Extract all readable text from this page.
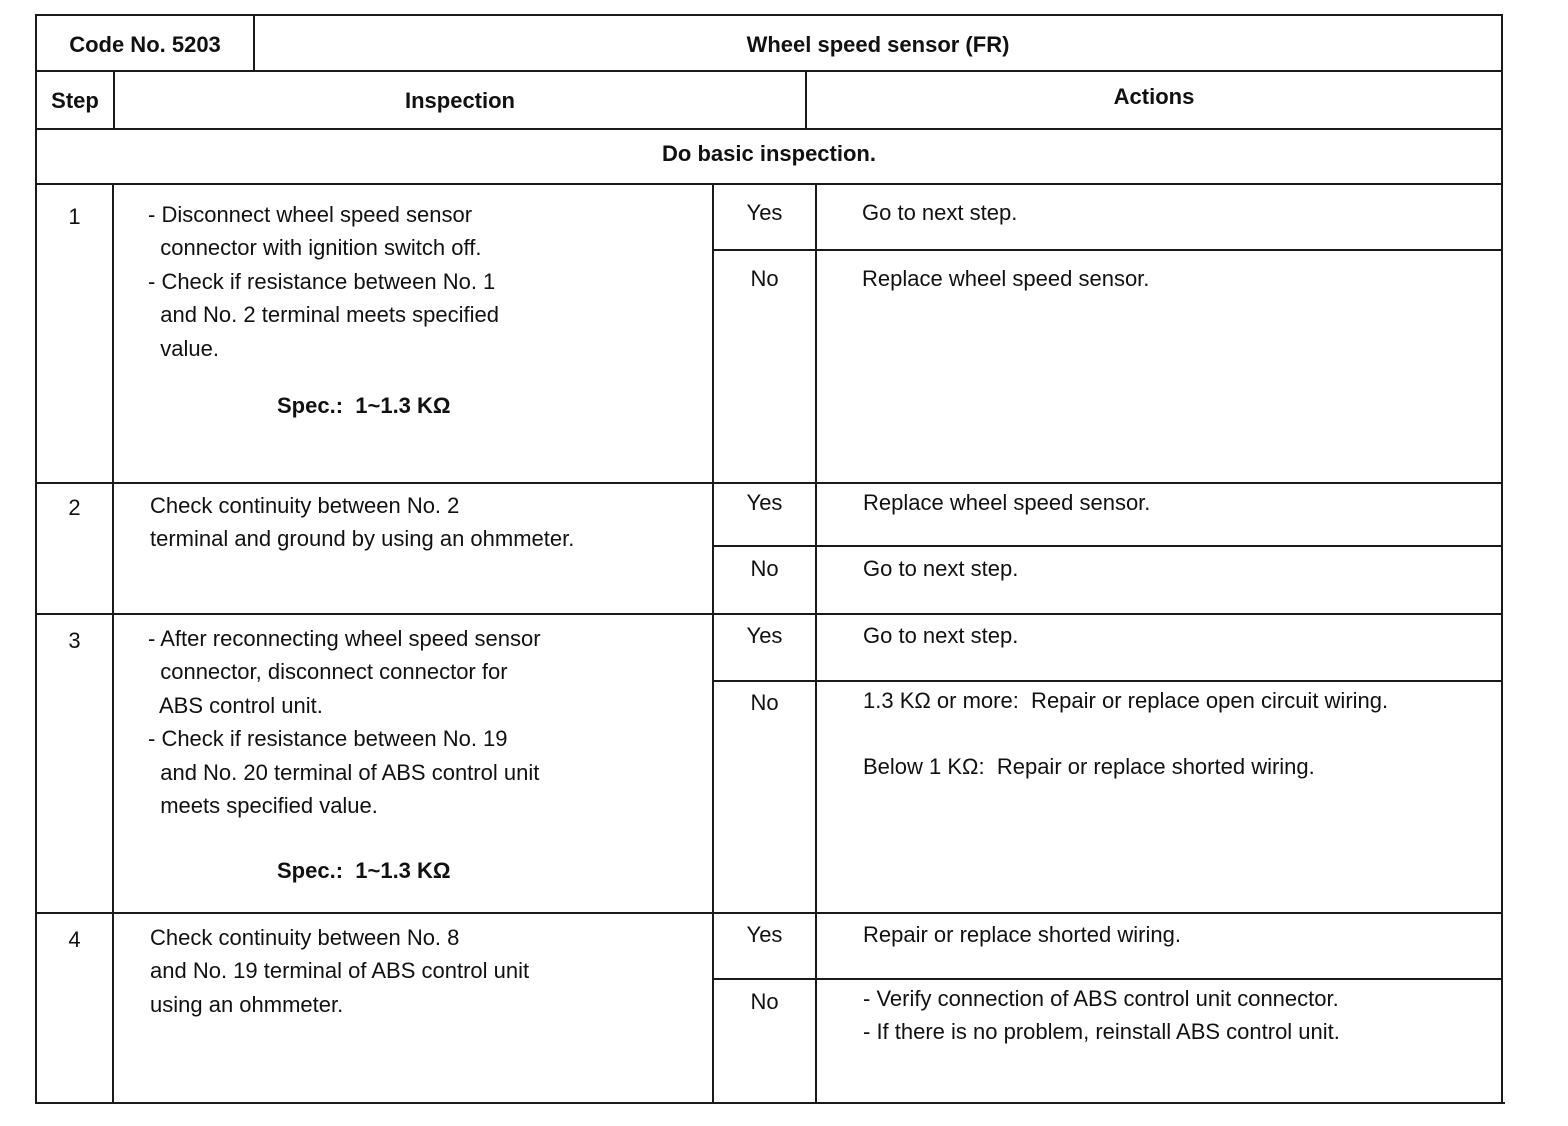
Code No. 5203	Wheel speed sensor (FR)
Step	Inspection	Actions
Do basic inspection.
1	- Disconnect wheel speed sensor
connector with ignition switch off.
- Check if resistance between No. 1
and No. 2 terminal meets specified
value.
Spec.:  1~1.3 KΩ
Yes	Go to next step.
No	Replace wheel speed sensor.
2	Check continuity between No. 2
terminal and ground by using an ohmmeter.
Yes	Replace wheel speed sensor.
No	Go to next step.
3	- After reconnecting wheel speed sensor
connector, disconnect connector for
ABS control unit.
- Check if resistance between No. 19
and No. 20 terminal of ABS control unit
meets specified value.
Spec.:  1~1.3 KΩ
Yes	Go to next step.
No	1.3 KΩ or more:  Repair or replace open circuit wiring.
Below 1 KΩ:  Repair or replace shorted wiring.
4	Check continuity between No. 8
and No. 19 terminal of ABS control unit
using an ohmmeter.
Yes	Repair or replace shorted wiring.
No	- Verify connection of ABS control unit connector.
- If there is no problem, reinstall ABS control unit.
